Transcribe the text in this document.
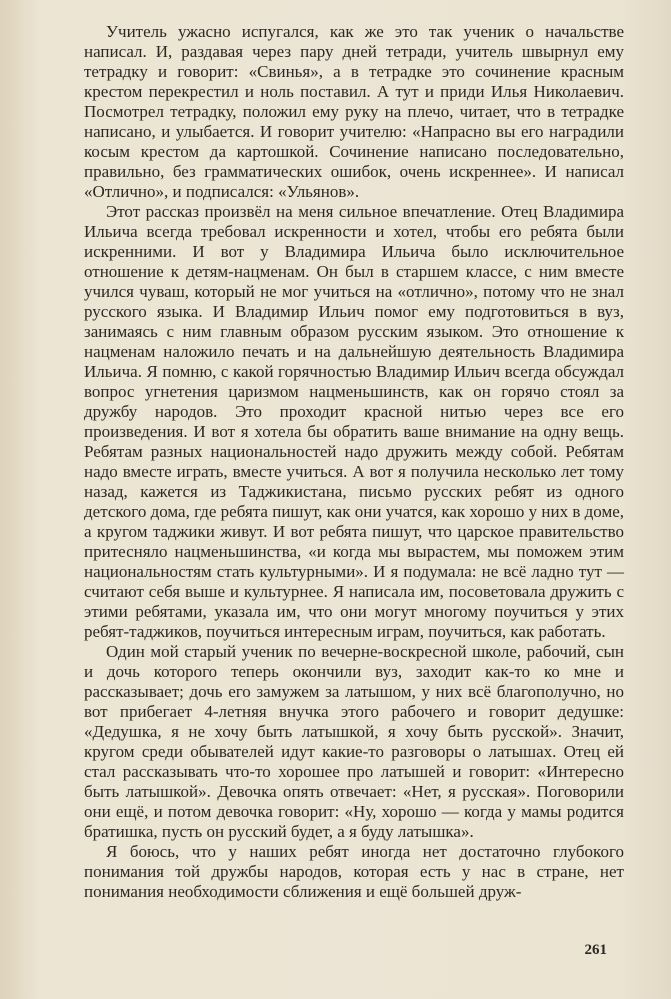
Учитель ужасно испугался, как же это так ученик о начальстве написал. И, раздавая через пару дней тетради, учитель швырнул ему тетрадку и говорит: «Свинья», а в тетрадке это сочинение красным крестом перекрестил и ноль поставил. А тут и приди Илья Николаевич. Посмотрел тетрадку, положил ему руку на плечо, читает, что в тетрадке написано, и улыбается. И говорит учителю: «Напрасно вы его наградили косым крестом да картошкой. Сочинение написано последовательно, правильно, без грамматических ошибок, очень искреннее». И написал «Отлично», и подписался: «Ульянов».

Этот рассказ произвёл на меня сильное впечатление. Отец Владимира Ильича всегда требовал искренности и хотел, чтобы его ребята были искренними. И вот у Владимира Ильича было исключительное отношение к детям-нацменам. Он был в старшем классе, с ним вместе учился чуваш, который не мог учиться на «отлично», потому что не знал русского языка. И Владимир Ильич помог ему подготовиться в вуз, занимаясь с ним главным образом русским языком. Это отношение к нацменам наложило печать и на дальнейшую деятельность Владимира Ильича. Я помню, с какой горячностью Владимир Ильич всегда обсуждал вопрос угнетения царизмом нацменьшинств, как он горячо стоял за дружбу народов. Это проходит красной нитью через все его произведения. И вот я хотела бы обратить ваше внимание на одну вещь. Ребятам разных национальностей надо дружить между собой. Ребятам надо вместе играть, вместе учиться. А вот я получила несколько лет тому назад, кажется из Таджикистана, письмо русских ребят из одного детского дома, где ребята пишут, как они учатся, как хорошо у них в доме, а кругом таджики живут. И вот ребята пишут, что царское правительство притесняло нацменьшинства, «и когда мы вырастем, мы поможем этим национальностям стать культурными». И я подумала: не всё ладно тут — считают себя выше и культурнее. Я написала им, посоветовала дружить с этими ребятами, указала им, что они могут многому поучиться у этих ребят-таджиков, поучиться интересным играм, поучиться, как работать.

Один мой старый ученик по вечерне-воскресной школе, рабочий, сын и дочь которого теперь окончили вуз, заходит как-то ко мне и рассказывает; дочь его замужем за латышом, у них всё благополучно, но вот прибегает 4-летняя внучка этого рабочего и говорит дедушке: «Дедушка, я не хочу быть латышкой, я хочу быть русской». Значит, кругом среди обывателей идут какие-то разговоры о латышах. Отец ей стал рассказывать что-то хорошее про латышей и говорит: «Интересно быть латышкой». Девочка опять отвечает: «Нет, я русская». Поговорили они ещё, и потом девочка говорит: «Ну, хорошо — когда у мамы родится братишка, пусть он русский будет, а я буду латышка».

Я боюсь, что у наших ребят иногда нет достаточно глубокого понимания той дружбы народов, которая есть у нас в стране, нет понимания необходимости сближения и ещё большей друж-

261
